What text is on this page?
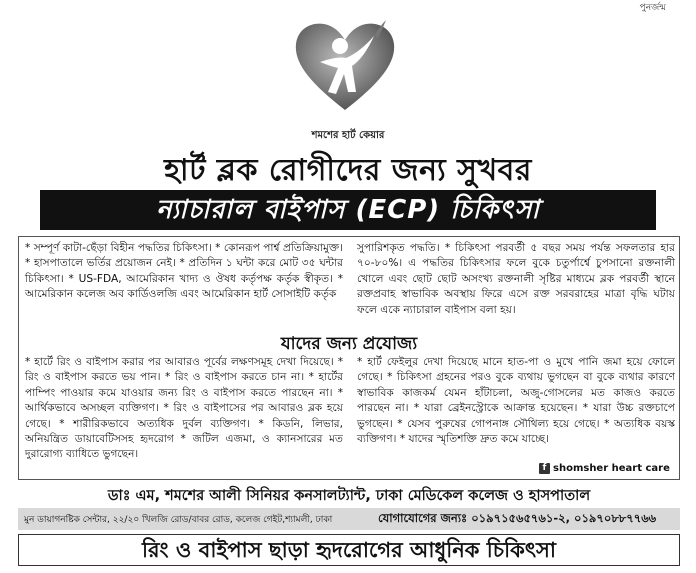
পুনর্জন্ম
শমশের হার্ট কেয়ার
হার্ট ব্লক রোগীদের জন্য সুখবর
ন্যাচারাল বাইপাস (ECP) চিকিৎসা
* সম্পূর্ণ কাটা-ছেঁড়া বিহীন পদ্ধতির চিকিৎসা। * কোনরূপ পার্শ্ব প্রতিক্রিয়ামুক্ত। * হাসপাতালে ভর্তির প্রয়োজন নেই। * প্রতিদিন ১ ঘন্টা করে মোট ৩৫ ঘন্টার চিকিৎসা। * US-FDA, আমেরিকান খাদ্য ও ঔষধ কর্তৃপক্ষ কর্তৃক স্বীকৃত। * আমেরিকান কলেজ অব কার্ডিওলজি এবং আমেরিকান হার্ট সোসাইটি কর্তৃক
সুপারিশকৃত পদ্ধতি। * চিকিৎসা পরবর্তী ৫ বছর সময় পর্যন্ত সফলতার হার ৭০-৮০%। এ পদ্ধতির চিকিৎসার ফলে বুকে চতুর্পার্শ্বে চুপসানো রক্তনালী খোলে এবং ছোট ছোট অসংখ্য রক্তনালী সৃষ্টির মাধ্যমে ব্লক পরবর্তী স্থানে রক্তপ্রবাহ স্বাভাবিক অবস্থায় ফিরে এসে রক্ত সরবরাহের মাত্রা বৃদ্ধি ঘটায় ফলে একে ন্যাচারাল বাইপাস বলা হয়।
যাদের জন্য প্রযোজ্য
* হার্টে রিং ও বাইপাস করার পর আবারও পূর্বের লক্ষণসমূহ দেখা দিয়েছে। * রিং ও বাইপাস করতে ভয় পান। * রিং ও বাইপাস করতে চান না। * হার্টের পাম্পিং পাওয়ার কমে যাওয়ার জন্য রিং ও বাইপাস করতে পারছেন না। * আর্থিকভাবে অসচ্ছল ব্যক্তিগণ। * রিং ও বাইপাসের পর আবারও ব্লক হয়ে গেছে। * শারীরিকভাবে অত্যধিক দুর্বল ব্যক্তিগণ। * কিডনি, লিভার, অনিয়ন্ত্রিত ডায়াবেটিসসহ হৃদরোগ * জটিল এজমা, ও ক্যানসারের মত দুরারোগ্য ব্যাধিতে ভুগছেন।
* হার্ট ফেইলুর দেখা দিয়েছে মানে হাত-পা ও মুখে পানি জমা হয়ে ফোলে গেছে। * চিকিৎসা গ্রহনের পরও বুকে ব্যথায় ভুগছেন বা বুকে ব্যথার কারণে স্বাভাবিক কাজকর্ম যেমন হাঁটাচলা, অজু-গোসলের মত কাজও করতে পারছেন না। * যারা ব্রেইনস্ট্রোকে আক্রান্ত হয়েছেন। * যারা উচ্চ রক্তচাপে ভুগছেন। * যেসব পুরুষের গোপনাঙ্গ সৌথিল্য হয়ে গেছে। * অত্যধিক বয়স্ক ব্যক্তিগণ। * যাদের স্মৃতিশক্তি দ্রুত কমে যাচ্ছে।
f shomsher heart care
ডাঃ এম, শমশের আলী সিনিয়র কনসালট্যান্ট, ঢাকা মেডিকেল কলেজ ও হাসপাতাল
মুন ডায়াগনষ্টিক সেন্টার, ২২/২০ খিলজি রোড/বাবর রোড, কলেজ গেইট,শ্যামলী, ঢাকা	যোগাযোগের জন্যঃ ০১৯৭১৫৬৫৭৬১-২, ০১৯৭০৮৮৭৭৬৬
রিং ও বাইপাস ছাড়া হৃদরোগের আধুনিক চিকিৎসা
